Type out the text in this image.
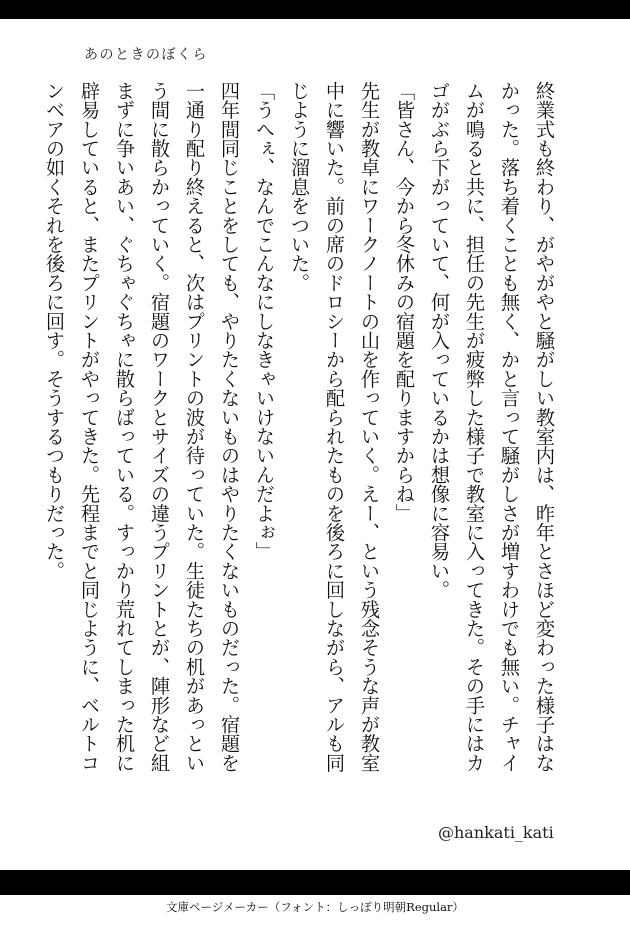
あのときのぼくら

終業式も終わり、がやがやと騒がしい教室内は、昨年とさほど変わった様子はなかった。落ち着くことも無く、かと言って騒がしさが増すわけでも無い。チャイムが鳴ると共に、担任の先生が疲弊した様子で教室に入ってきた。その手にはカゴがぶら下がっていて、何が入っているかは想像に容易い。

「皆さん、今から冬休みの宿題を配りますからね」

先生が教卓にワークノートの山を作っていく。えー、という残念そうな声が教室中に響いた。前の席のドロシーから配られたものを後ろに回しながら、アルも同じように溜息をついた。

「うへぇ、なんでこんなにしなきゃいけないんだよぉ」

四年間同じことをしても、やりたくないものはやりたくないものだった。宿題を一通り配り終えると、次はプリントの波が待っていた。生徒たちの机があっという間に散らかっていく。宿題のワークとサイズの違うプリントとが、陣形など組まずに争いあい、ぐちゃぐちゃに散らばっている。すっかり荒れてしまった机に辟易していると、またプリントがやってきた。先程までと同じように、ベルトコンベアの如くそれを後ろに回す。そうするつもりだった。

@hankati_kati
文庫ページメーカー（フォント：しっぽり明朝Regular）
